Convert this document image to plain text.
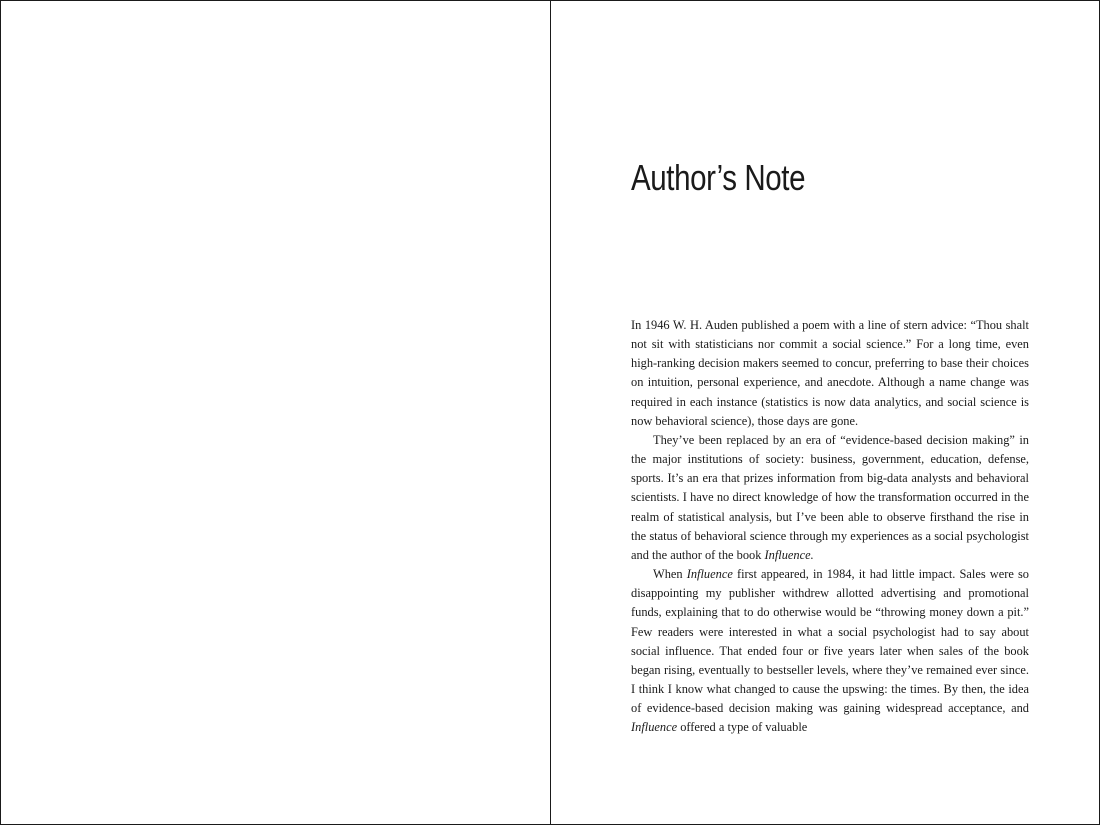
Author’s Note

In 1946 W. H. Auden published a poem with a line of stern advice: “Thou shalt not sit with statisticians nor commit a social science.” For a long time, even high-ranking decision makers seemed to concur, preferring to base their choices on intuition, personal experience, and anecdote. Although a name change was required in each instance (statistics is now data analytics, and social science is now behavioral science), those days are gone.

They’ve been replaced by an era of “evidence-based decision making” in the major institutions of society: business, government, education, defense, sports. It’s an era that prizes information from big-data analysts and behavioral scientists. I have no direct knowledge of how the transformation occurred in the realm of statistical analysis, but I’ve been able to observe firsthand the rise in the status of behavioral science through my experiences as a social psychologist and the author of the book Influence.

When Influence first appeared, in 1984, it had little impact. Sales were so disappointing my publisher withdrew allotted advertising and promotional funds, explaining that to do otherwise would be “throwing money down a pit.” Few readers were interested in what a social psychologist had to say about social influence. That ended four or five years later when sales of the book began rising, eventually to bestseller levels, where they’ve remained ever since. I think I know what changed to cause the upswing: the times. By then, the idea of evidence-based decision making was gaining widespread acceptance, and Influence offered a type of valuable
